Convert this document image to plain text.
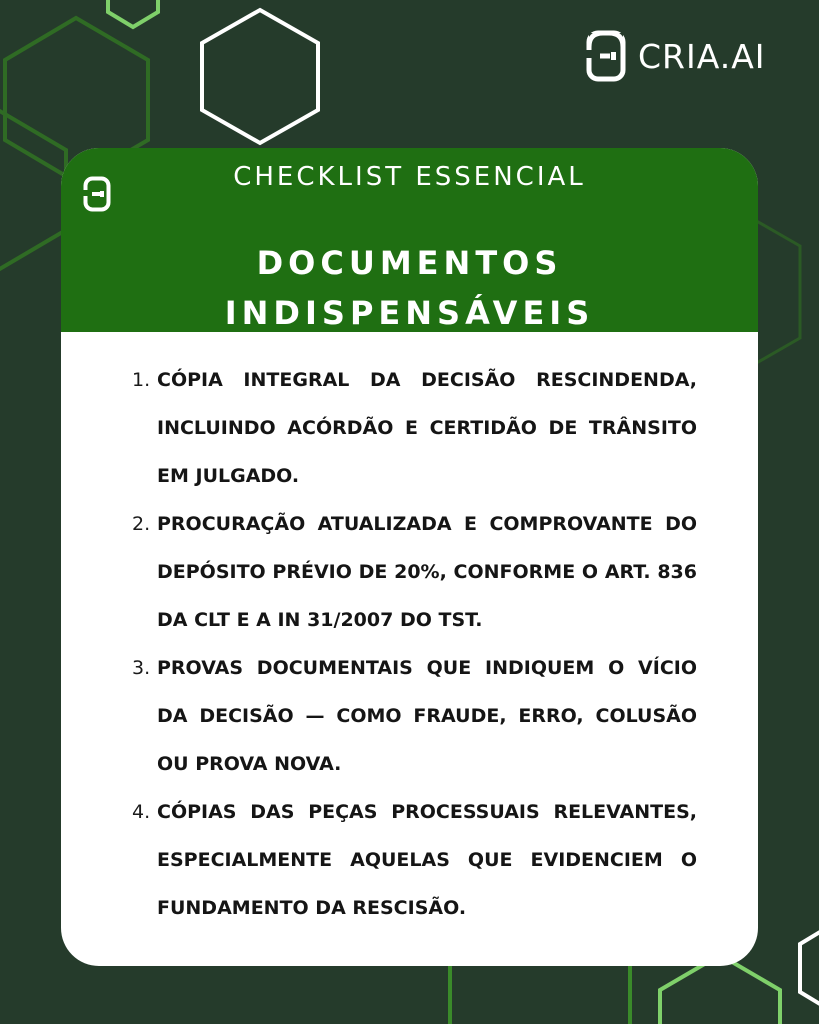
CRIA.AI
CHECKLIST ESSENCIAL
DOCUMENTOS
INDISPENSÁVEIS
1. CÓPIA INTEGRAL DA DECISÃO RESCINDENDA, INCLUINDO ACÓRDÃO E CERTIDÃO DE TRÂNSITO EM JULGADO.
2. PROCURAÇÃO ATUALIZADA E COMPROVANTE DO DEPÓSITO PRÉVIO DE 20%, CONFORME O ART. 836 DA CLT E A IN 31/2007 DO TST.
3. PROVAS DOCUMENTAIS QUE INDIQUEM O VÍCIO DA DECISÃO — COMO FRAUDE, ERRO, COLUSÃO OU PROVA NOVA.
4. CÓPIAS DAS PEÇAS PROCESSUAIS RELEVANTES, ESPECIALMENTE AQUELAS QUE EVIDENCIEM O FUNDAMENTO DA RESCISÃO.
